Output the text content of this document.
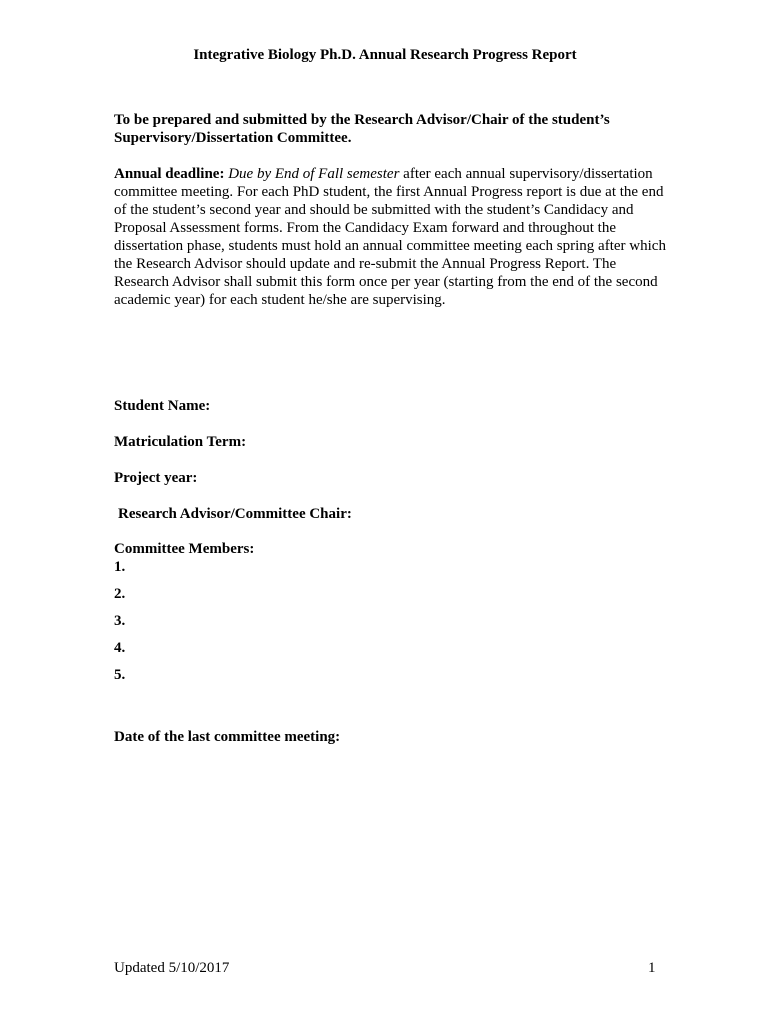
Integrative Biology Ph.D. Annual Research Progress Report
To be prepared and submitted by the Research Advisor/Chair of the student’s Supervisory/Dissertation Committee.
Annual deadline: Due by End of Fall semester after each annual supervisory/dissertation committee meeting. For each PhD student, the first Annual Progress report is due at the end of the student’s second year and should be submitted with the student’s Candidacy and Proposal Assessment forms. From the Candidacy Exam forward and throughout the dissertation phase, students must hold an annual committee meeting each spring after which the Research Advisor should update and re-submit the Annual Progress Report. The Research Advisor shall submit this form once per year (starting from the end of the second academic year) for each student he/she are supervising.
Student Name:
Matriculation Term:
Project year:
Research Advisor/Committee Chair:
Committee Members:
1.
2.
3.
4.
5.
Date of the last committee meeting:
Updated 5/10/2017	1
